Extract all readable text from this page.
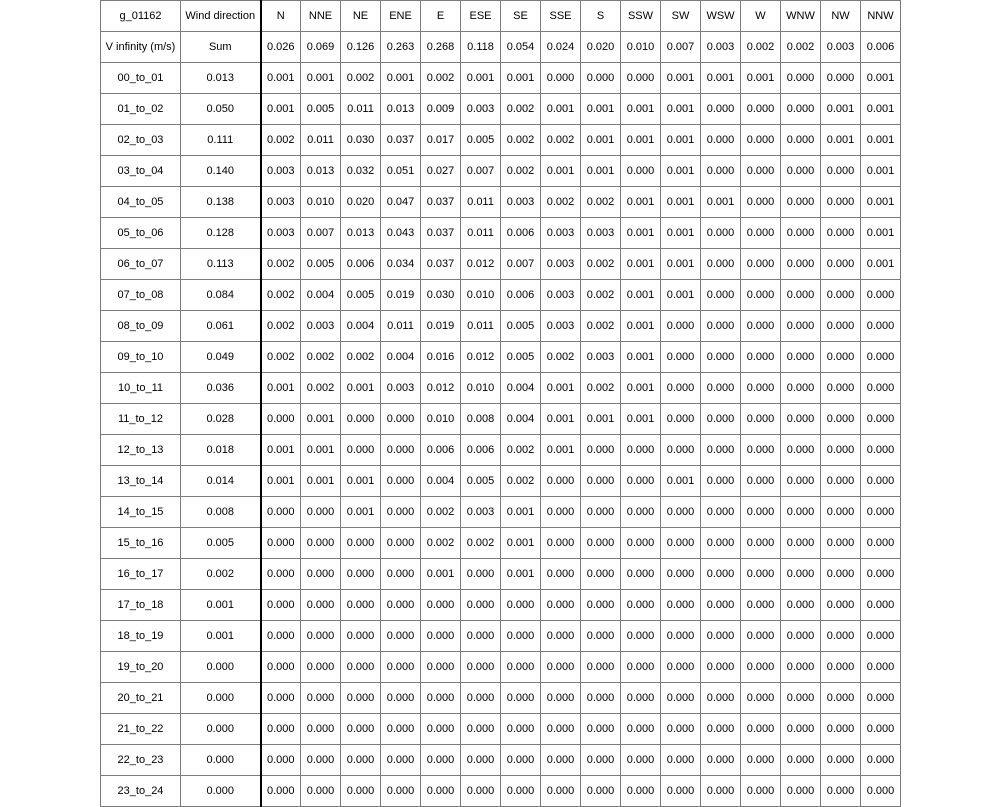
g_01162	Wind direction	N	NNE	NE	ENE	E	ESE	SE	SSE	S	SSW	SW	WSW	W	WNW	NW	NNW
V infinity (m/s)	Sum	0.026	0.069	0.126	0.263	0.268	0.118	0.054	0.024	0.020	0.010	0.007	0.003	0.002	0.002	0.003	0.006
00_to_01	0.013	0.001	0.001	0.002	0.001	0.002	0.001	0.001	0.000	0.000	0.000	0.001	0.001	0.001	0.000	0.000	0.001
01_to_02	0.050	0.001	0.005	0.011	0.013	0.009	0.003	0.002	0.001	0.001	0.001	0.001	0.000	0.000	0.000	0.001	0.001
02_to_03	0.111	0.002	0.011	0.030	0.037	0.017	0.005	0.002	0.002	0.001	0.001	0.001	0.000	0.000	0.000	0.001	0.001
03_to_04	0.140	0.003	0.013	0.032	0.051	0.027	0.007	0.002	0.001	0.001	0.000	0.001	0.000	0.000	0.000	0.000	0.001
04_to_05	0.138	0.003	0.010	0.020	0.047	0.037	0.011	0.003	0.002	0.002	0.001	0.001	0.001	0.000	0.000	0.000	0.001
05_to_06	0.128	0.003	0.007	0.013	0.043	0.037	0.011	0.006	0.003	0.003	0.001	0.001	0.000	0.000	0.000	0.000	0.001
06_to_07	0.113	0.002	0.005	0.006	0.034	0.037	0.012	0.007	0.003	0.002	0.001	0.001	0.000	0.000	0.000	0.000	0.001
07_to_08	0.084	0.002	0.004	0.005	0.019	0.030	0.010	0.006	0.003	0.002	0.001	0.001	0.000	0.000	0.000	0.000	0.000
08_to_09	0.061	0.002	0.003	0.004	0.011	0.019	0.011	0.005	0.003	0.002	0.001	0.000	0.000	0.000	0.000	0.000	0.000
09_to_10	0.049	0.002	0.002	0.002	0.004	0.016	0.012	0.005	0.002	0.003	0.001	0.000	0.000	0.000	0.000	0.000	0.000
10_to_11	0.036	0.001	0.002	0.001	0.003	0.012	0.010	0.004	0.001	0.002	0.001	0.000	0.000	0.000	0.000	0.000	0.000
11_to_12	0.028	0.000	0.001	0.000	0.000	0.010	0.008	0.004	0.001	0.001	0.001	0.000	0.000	0.000	0.000	0.000	0.000
12_to_13	0.018	0.001	0.001	0.000	0.000	0.006	0.006	0.002	0.001	0.000	0.000	0.000	0.000	0.000	0.000	0.000	0.000
13_to_14	0.014	0.001	0.001	0.001	0.000	0.004	0.005	0.002	0.000	0.000	0.000	0.001	0.000	0.000	0.000	0.000	0.000
14_to_15	0.008	0.000	0.000	0.001	0.000	0.002	0.003	0.001	0.000	0.000	0.000	0.000	0.000	0.000	0.000	0.000	0.000
15_to_16	0.005	0.000	0.000	0.000	0.000	0.002	0.002	0.001	0.000	0.000	0.000	0.000	0.000	0.000	0.000	0.000	0.000
16_to_17	0.002	0.000	0.000	0.000	0.000	0.001	0.000	0.001	0.000	0.000	0.000	0.000	0.000	0.000	0.000	0.000	0.000
17_to_18	0.001	0.000	0.000	0.000	0.000	0.000	0.000	0.000	0.000	0.000	0.000	0.000	0.000	0.000	0.000	0.000	0.000
18_to_19	0.001	0.000	0.000	0.000	0.000	0.000	0.000	0.000	0.000	0.000	0.000	0.000	0.000	0.000	0.000	0.000	0.000
19_to_20	0.000	0.000	0.000	0.000	0.000	0.000	0.000	0.000	0.000	0.000	0.000	0.000	0.000	0.000	0.000	0.000	0.000
20_to_21	0.000	0.000	0.000	0.000	0.000	0.000	0.000	0.000	0.000	0.000	0.000	0.000	0.000	0.000	0.000	0.000	0.000
21_to_22	0.000	0.000	0.000	0.000	0.000	0.000	0.000	0.000	0.000	0.000	0.000	0.000	0.000	0.000	0.000	0.000	0.000
22_to_23	0.000	0.000	0.000	0.000	0.000	0.000	0.000	0.000	0.000	0.000	0.000	0.000	0.000	0.000	0.000	0.000	0.000
23_to_24	0.000	0.000	0.000	0.000	0.000	0.000	0.000	0.000	0.000	0.000	0.000	0.000	0.000	0.000	0.000	0.000	0.000
